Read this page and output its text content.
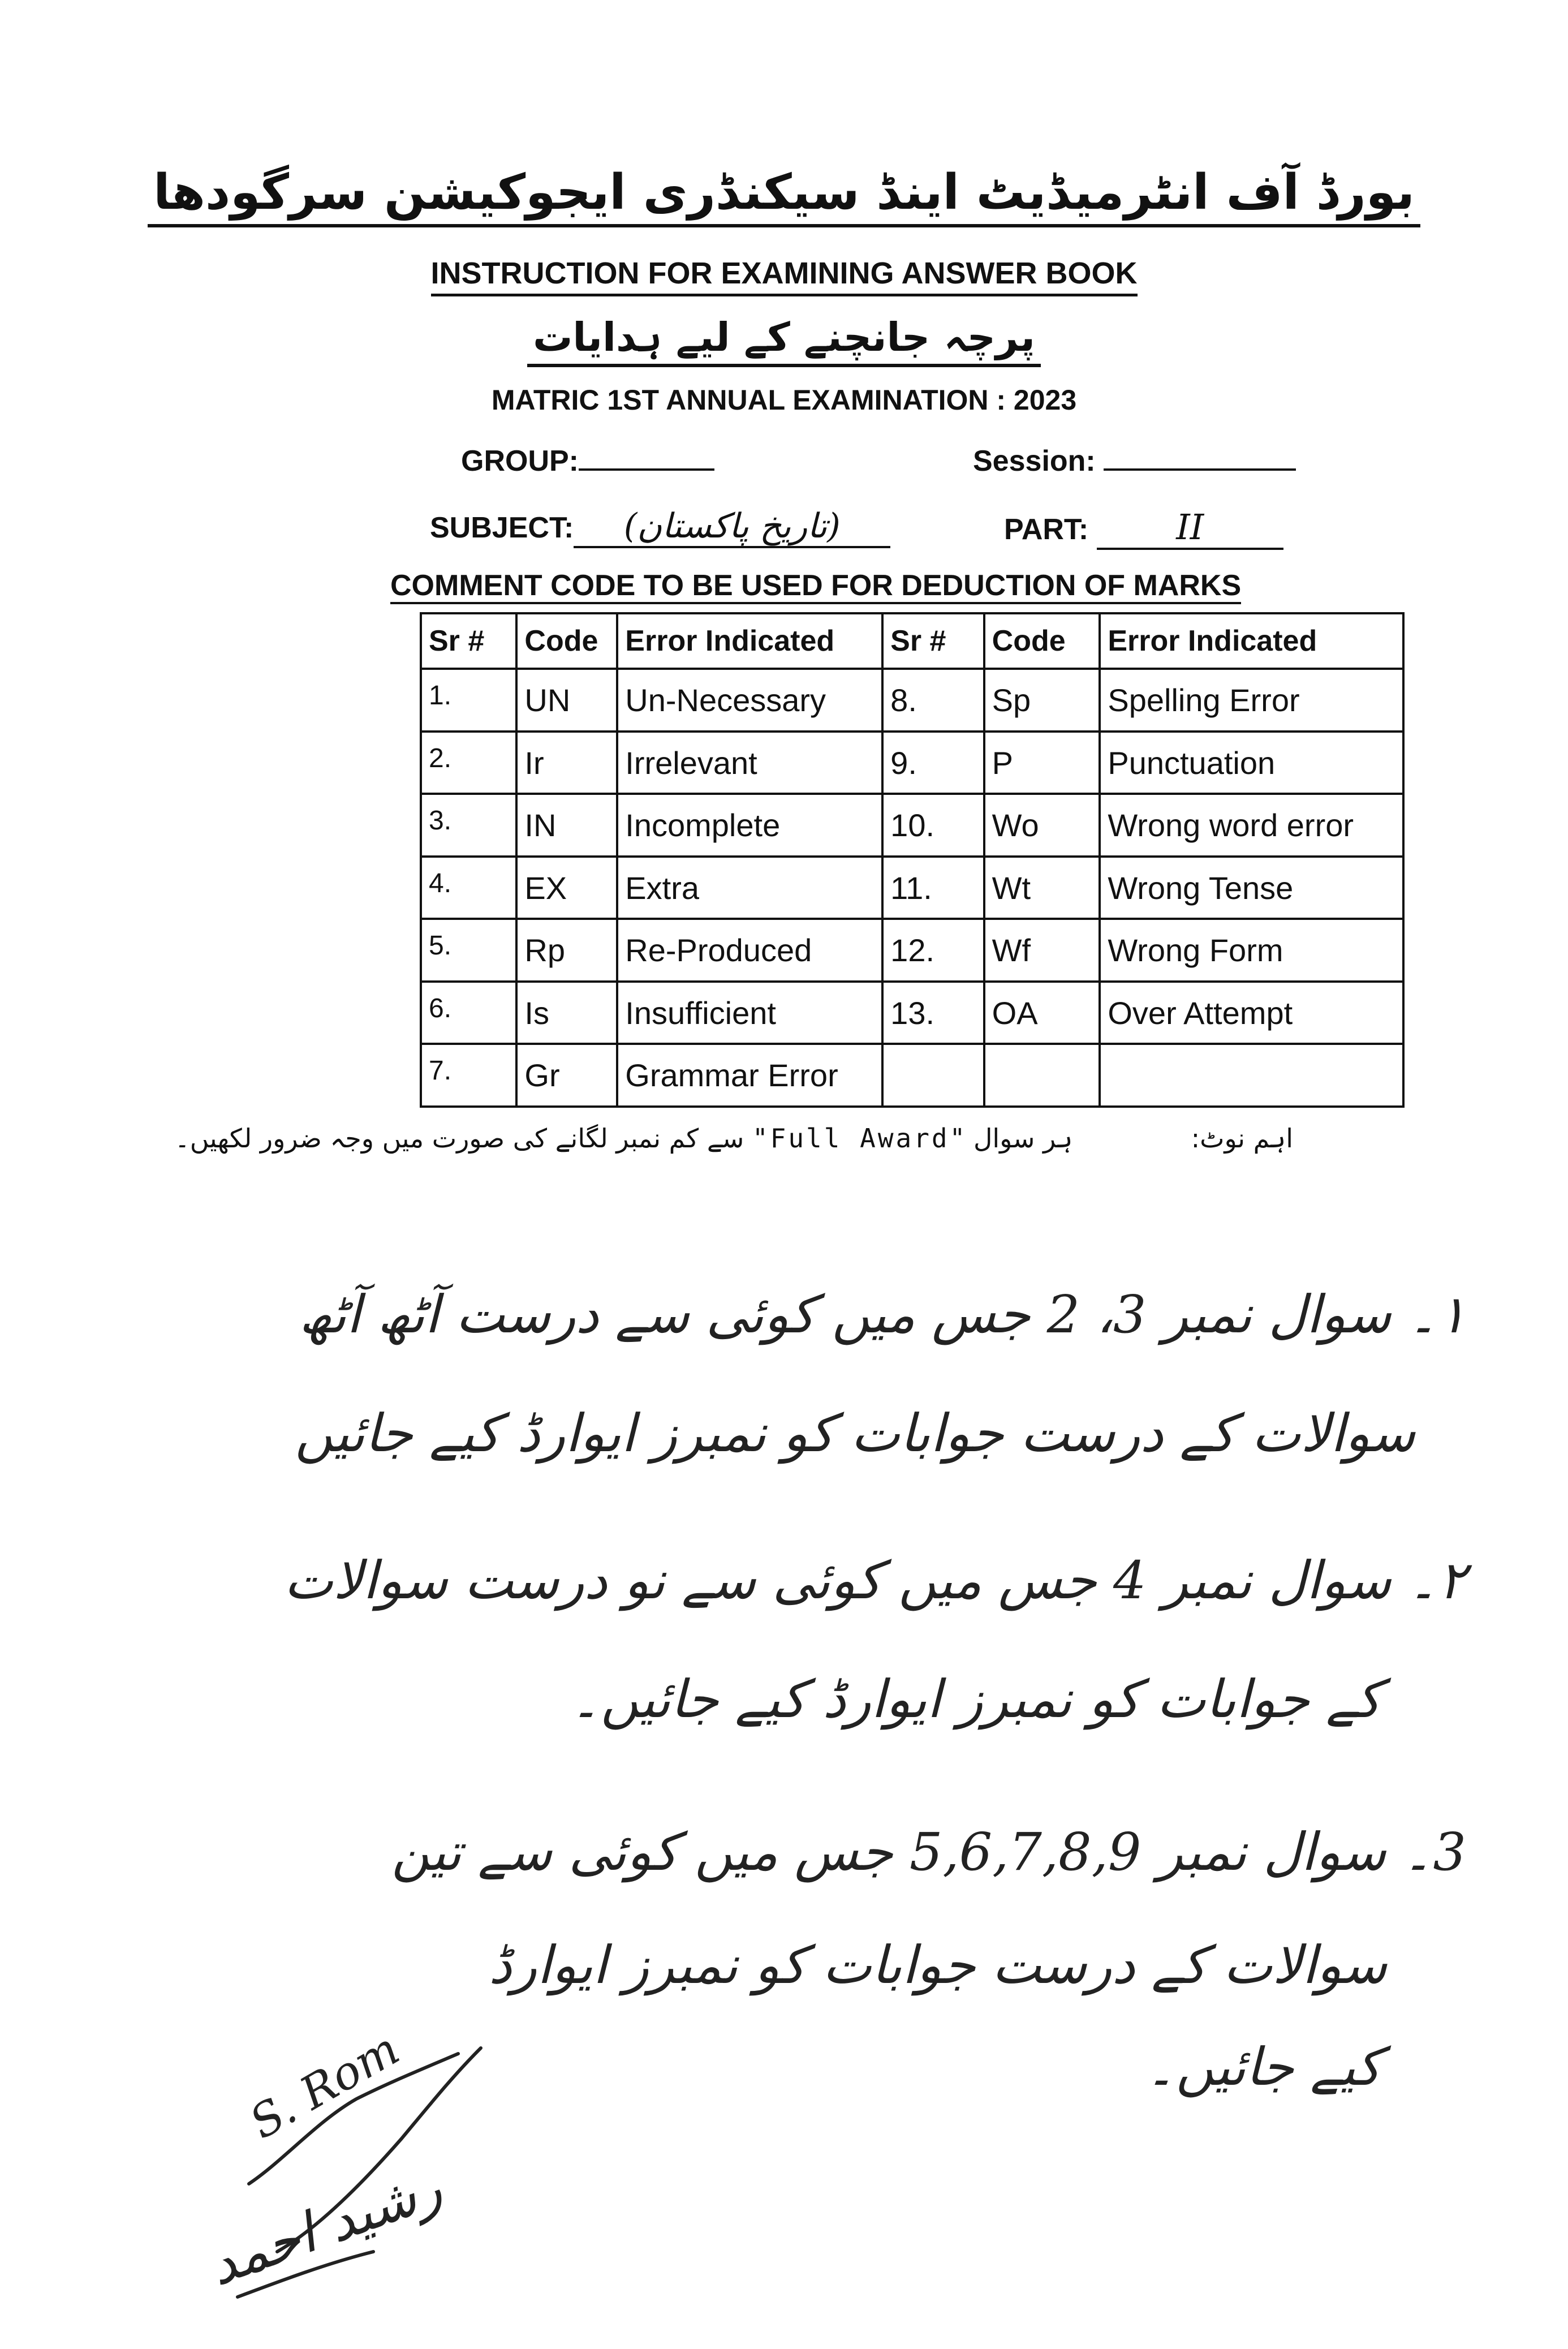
بورڈ آف انٹرمیڈیٹ اینڈ سیکنڈری ایجوکیشن سرگودھا
INSTRUCTION FOR EXAMINING ANSWER BOOK
پرچہ جانچنے کے لیے ہدایات
MATRIC 1ST ANNUAL EXAMINATION : 2023
GROUP:	Session:
SUBJECT: (تاریخ پاکستان)	PART: II
COMMENT CODE TO BE USED FOR DEDUCTION OF MARKS
Sr #	Code	Error Indicated	Sr #	Code	Error Indicated
1.	UN	Un-Necessary	8.	Sp	Spelling Error
2.	Ir	Irrelevant	9.	P	Punctuation
3.	IN	Incomplete	10.	Wo	Wrong word error
4.	EX	Extra	11.	Wt	Wrong Tense
5.	Rp	Re-Produced	12.	Wf	Wrong Form
6.	Is	Insufficient	13.	OA	Over Attempt
7.	Gr	Grammar Error			
اہم نوٹ:  ہر سوال "Full Award" سے کم نمبر لگانے کی صورت میں وجہ ضرور لکھیں۔
۱۔ سوال نمبر 3، 2 جس میں کوئی سے درست آٹھ آٹھ
سوالات کے درست جوابات کو نمبرز ایوارڈ کیے جائیں
۲۔ سوال نمبر 4 جس میں کوئی سے نو درست سوالات
کے جوابات کو نمبرز ایوارڈ کیے جائیں۔
3۔ سوال نمبر 5,6,7,8,9 جس میں کوئی سے تین
سوالات کے درست جوابات کو نمبرز ایوارڈ
کیے جائیں۔
S. Rom
رشید احمد
